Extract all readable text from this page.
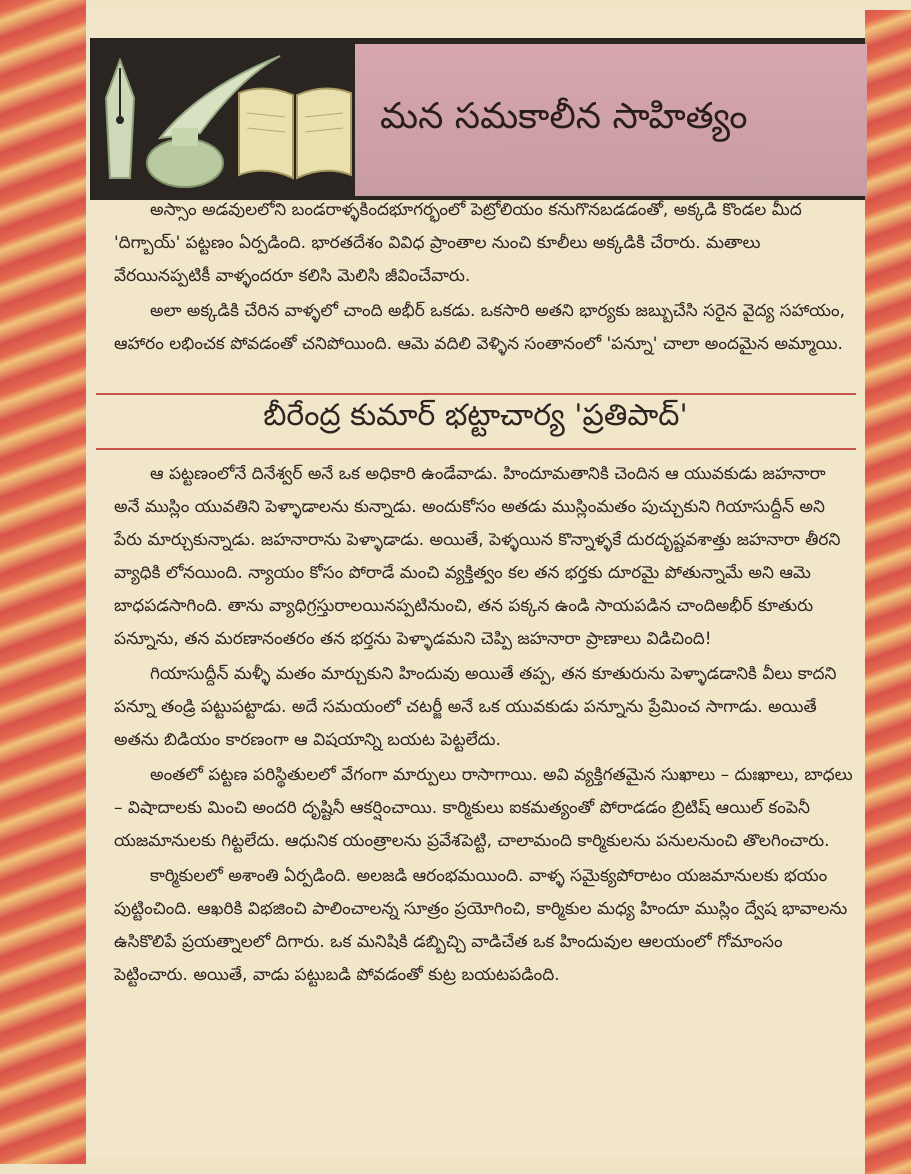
మన సమకాలీన సాహిత్యం

అస్సాం అడవులలోని బండరాళ్ళకిందభూగర్భంలో పెట్రోలియం కనుగొనబడడంతో, అక్కడి కొండల మీద 'దిగ్బాయ్' పట్టణం ఏర్పడింది. భారతదేశం వివిధ ప్రాంతాల నుంచి కూలీలు అక్కడికి చేరారు. మతాలు వేరయినప్పటికీ వాళ్ళందరూ కలిసి మెలిసి జీవించేవారు.

అలా అక్కడికి చేరిన వాళ్ళలో చాంది అభీర్ ఒకడు. ఒకసారి అతని భార్యకు జబ్బుచేసి సరైన వైద్య సహాయం, ఆహారం లభించక పోవడంతో చనిపోయింది. ఆమె వదిలి వెళ్ళిన సంతానంలో 'పన్నూ' చాలా అందమైన అమ్మాయి.

బీరేంద్ర కుమార్ భట్టాచార్య 'ప్రతిపాద్'

ఆ పట్టణంలోనే దినేశ్వర్ అనే ఒక అధికారి ఉండేవాడు. హిందూమతానికి చెందిన ఆ యువకుడు జహనారా అనే ముస్లిం యువతిని పెళ్ళాడాలను కున్నాడు. అందుకోసం అతడు ముస్లింమతం పుచ్చుకుని గియాసుద్దీన్ అని పేరు మార్చుకున్నాడు. జహనారాను పెళ్ళాడాడు. అయితే, పెళ్ళయిన కొన్నాళ్ళకే దురదృష్టవశాత్తు జహనారా తీరని వ్యాధికి లోనయింది. న్యాయం కోసం పోరాడే మంచి వ్యక్తిత్వం కల తన భర్తకు దూరమై పోతున్నామే అని ఆమె బాధపడసాగింది. తాను వ్యాధిగ్రస్తురాలయినప్పటినుంచి, తన పక్కన ఉండి సాయపడిన చాందిఅభీర్ కూతురు పన్నూను, తన మరణానంతరం తన భర్తను పెళ్ళాడమని చెప్పి జహనారా ప్రాణాలు విడిచింది!

గియాసుద్దీన్ మళ్ళీ మతం మార్చుకుని హిందువు అయితే తప్ప, తన కూతురును పెళ్ళాడడానికి వీలు కాదని పన్నూ తండ్రి పట్టుపట్టాడు. అదే సమయంలో చటర్జీ అనే ఒక యువకుడు పన్నూను ప్రేమించ సాగాడు. అయితే అతను బిడియం కారణంగా ఆ విషయాన్ని బయట పెట్టలేదు.

అంతలో పట్టణ పరిస్థితులలో వేగంగా మార్పులు రాసాగాయి. అవి వ్యక్తిగతమైన సుఖాలు – దుఃఖాలు, బాధలు – విషాదాలకు మించి అందరి దృష్టినీ ఆకర్షించాయి. కార్మికులు ఐకమత్యంతో పోరాడడం బ్రిటిష్ ఆయిల్ కంపెనీ యజమానులకు గిట్టలేదు. ఆధునిక యంత్రాలను ప్రవేశపెట్టి, చాలామంది కార్మికులను పనులనుంచి తొలగించారు.

కార్మికులలో అశాంతి ఏర్పడింది. అలజడి ఆరంభమయింది. వాళ్ళ సమైక్యపోరాటం యజమానులకు భయం పుట్టించింది. ఆఖరికి విభజించి పాలించాలన్న సూత్రం ప్రయోగించి, కార్మికుల మధ్య హిందూ ముస్లిం ద్వేష భావాలను ఉసికొలిపే ప్రయత్నాలలో దిగారు. ఒక మనిషికి డబ్బిచ్చి వాడిచేత ఒక హిందువుల ఆలయంలో గోమాంసం పెట్టించారు. అయితే, వాడు పట్టుబడి పోవడంతో కుట్ర బయటపడింది.
